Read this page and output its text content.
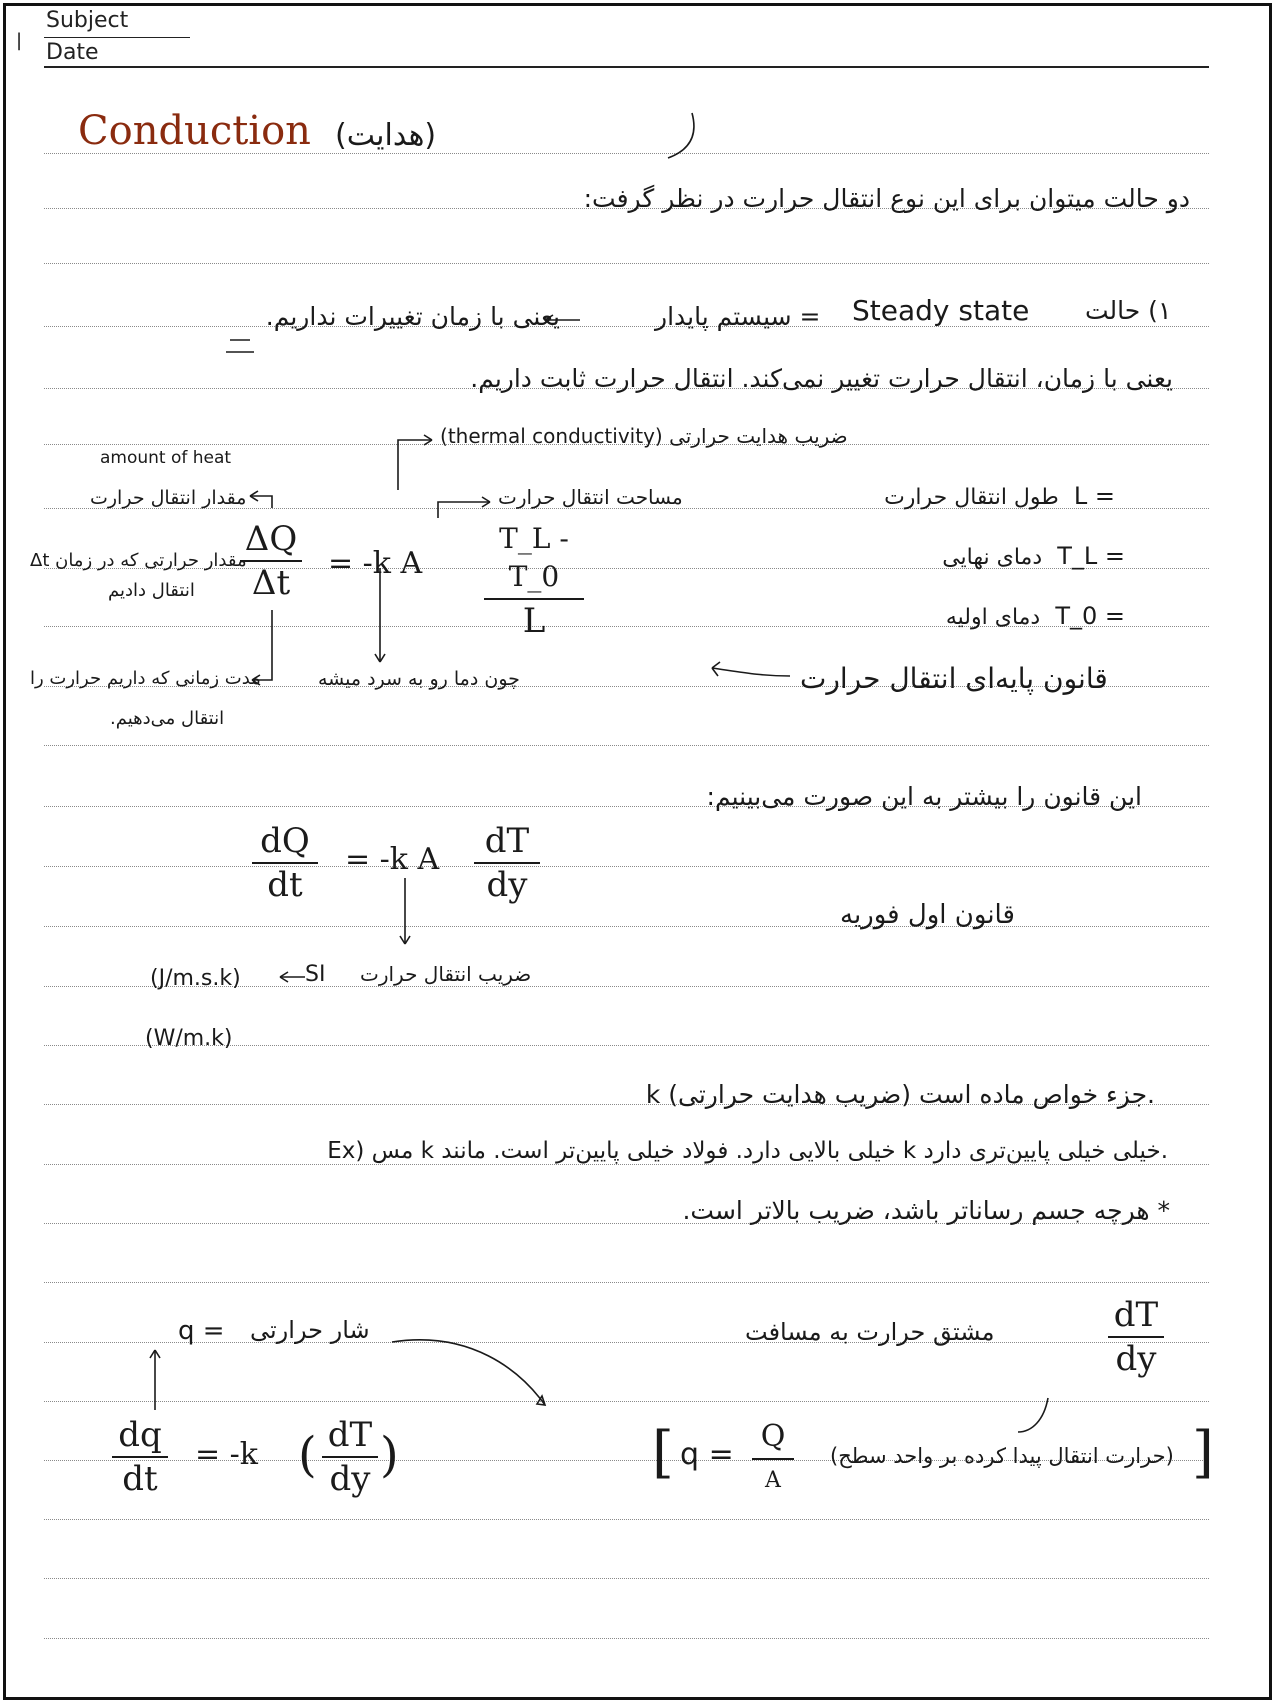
Subject
Date
|
Conduction (هدایت)
دو حالت میتوان برای این نوع انتقال حرارت در نظر گرفت:
۱) حالت
Steady state
= سیستم پایدار
یعنی با زمان تغییرات نداریم.
یعنی با زمان، انتقال حرارت تغییر نمی‌کند. انتقال حرارت ثابت داریم.
amount of heat
مقدار انتقال حرارت
ضریب هدایت حرارتی (thermal conductivity)
مساحت انتقال حرارت
مقدار حرارتی که در زمان Δt
انتقال دادیم
چون دما رو به سرد میشه
مدت زمانی که داریم حرارت را
انتقال می‌دهیم.
ΔQ
Δt	= -k A
T_L - T_0
L
طول انتقال حرارت L =
دمای نهایی T_L =
دمای اولیه T_0 =
قانون پایه‌ای انتقال حرارت
این قانون را بیشتر به این صورت می‌بینیم:
dQ
dt
= -k A	dT
dy
قانون اول فوریه
ضریب انتقال حرارت
SI
(J/m.s.k)
(W/m.k)
k (ضریب هدایت حرارتی) جزء خواص ماده است.
Ex) مس k خیلی بالایی دارد. فولاد خیلی پایین‌تر است. مانند k خیلی خیلی پایین‌تری دارد.
* هرچه جسم رساناتر باشد، ضریب بالاتر است.
q = شار حرارتی	مشتق حرارت به مسافت	dT
dy
dq
dt
= -k ( dT
dy )	[ q =
Q
A
(حرارت انتقال پیدا کرده بر واحد سطح) ]
